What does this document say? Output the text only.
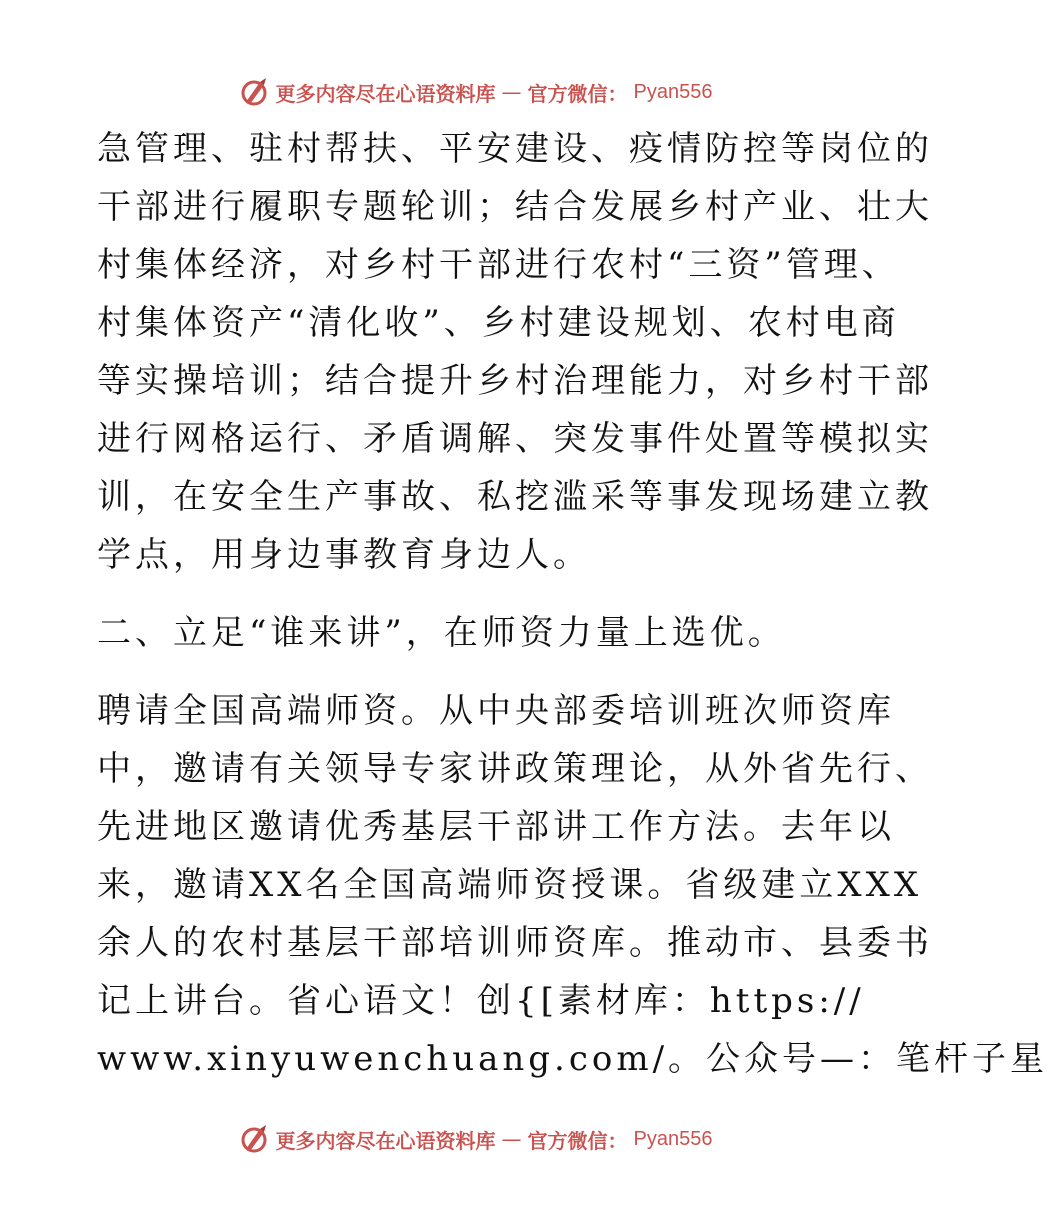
更多内容尽在心语资料库 — 官方微信： Pyan556
急管理、驻村帮扶、平安建设、疫情防控等岗位的
干部进行履职专题轮训；结合发展乡村产业、壮大
村集体经济，对乡村干部进行农村“三资”管理、
村集体资产“清化收”、乡村建设规划、农村电商
等实操培训；结合提升乡村治理能力，对乡村干部
进行网格运行、矛盾调解、突发事件处置等模拟实
训，在安全生产事故、私挖滥采等事发现场建立教
学点，用身边事教育身边人。
二、立足“谁来讲”，在师资力量上选优。
聘请全国高端师资。从中央部委培训班次师资库
中，邀请有关领导专家讲政策理论，从外省先行、
先进地区邀请优秀基层干部讲工作方法。去年以
来，邀请XX名全国高端师资授课。省级建立XXX
余人的农村基层干部培训师资库。推动市、县委书
记上讲台。省心语文！创{[素材库：https://
www.xinyuwenchuang.com/。公众号—：笔杆子星
更多内容尽在心语资料库 — 官方微信： Pyan556
